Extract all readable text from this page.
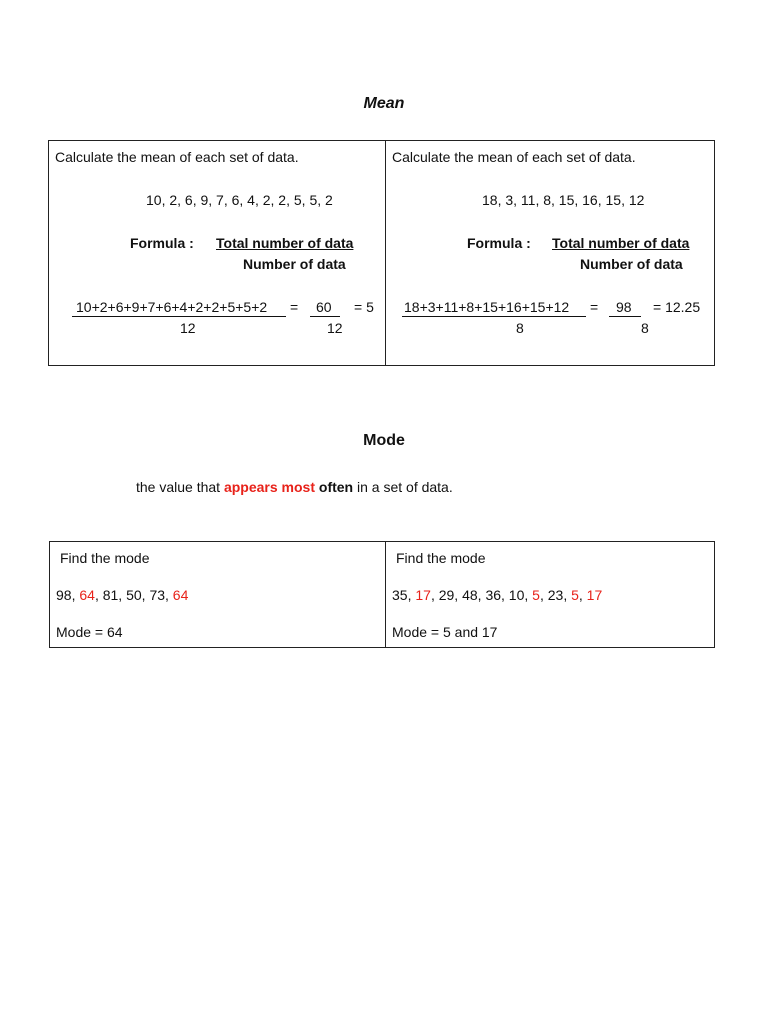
Mean
Calculate the mean of each set of data.
10, 2, 6, 9, 7, 6, 4, 2, 2, 5, 5, 2
Formula : Total number of data
Number of data
10+2+6+9+7+6+4+2+2+5+5+2 = 60 = 5
12	12
Calculate the mean of each set of data.
18, 3, 11, 8, 15, 16, 15, 12
Formula : Total number of data
Number of data
18+3+11+8+15+16+15+12 = 98 = 12.25
8	8
Mode
the value that appears most often in a set of data.
Find the mode
98, 64, 81, 50, 73, 64
Mode = 64
Find the mode
35, 17, 29, 48, 36, 10, 5, 23, 5, 17
Mode = 5 and 17
